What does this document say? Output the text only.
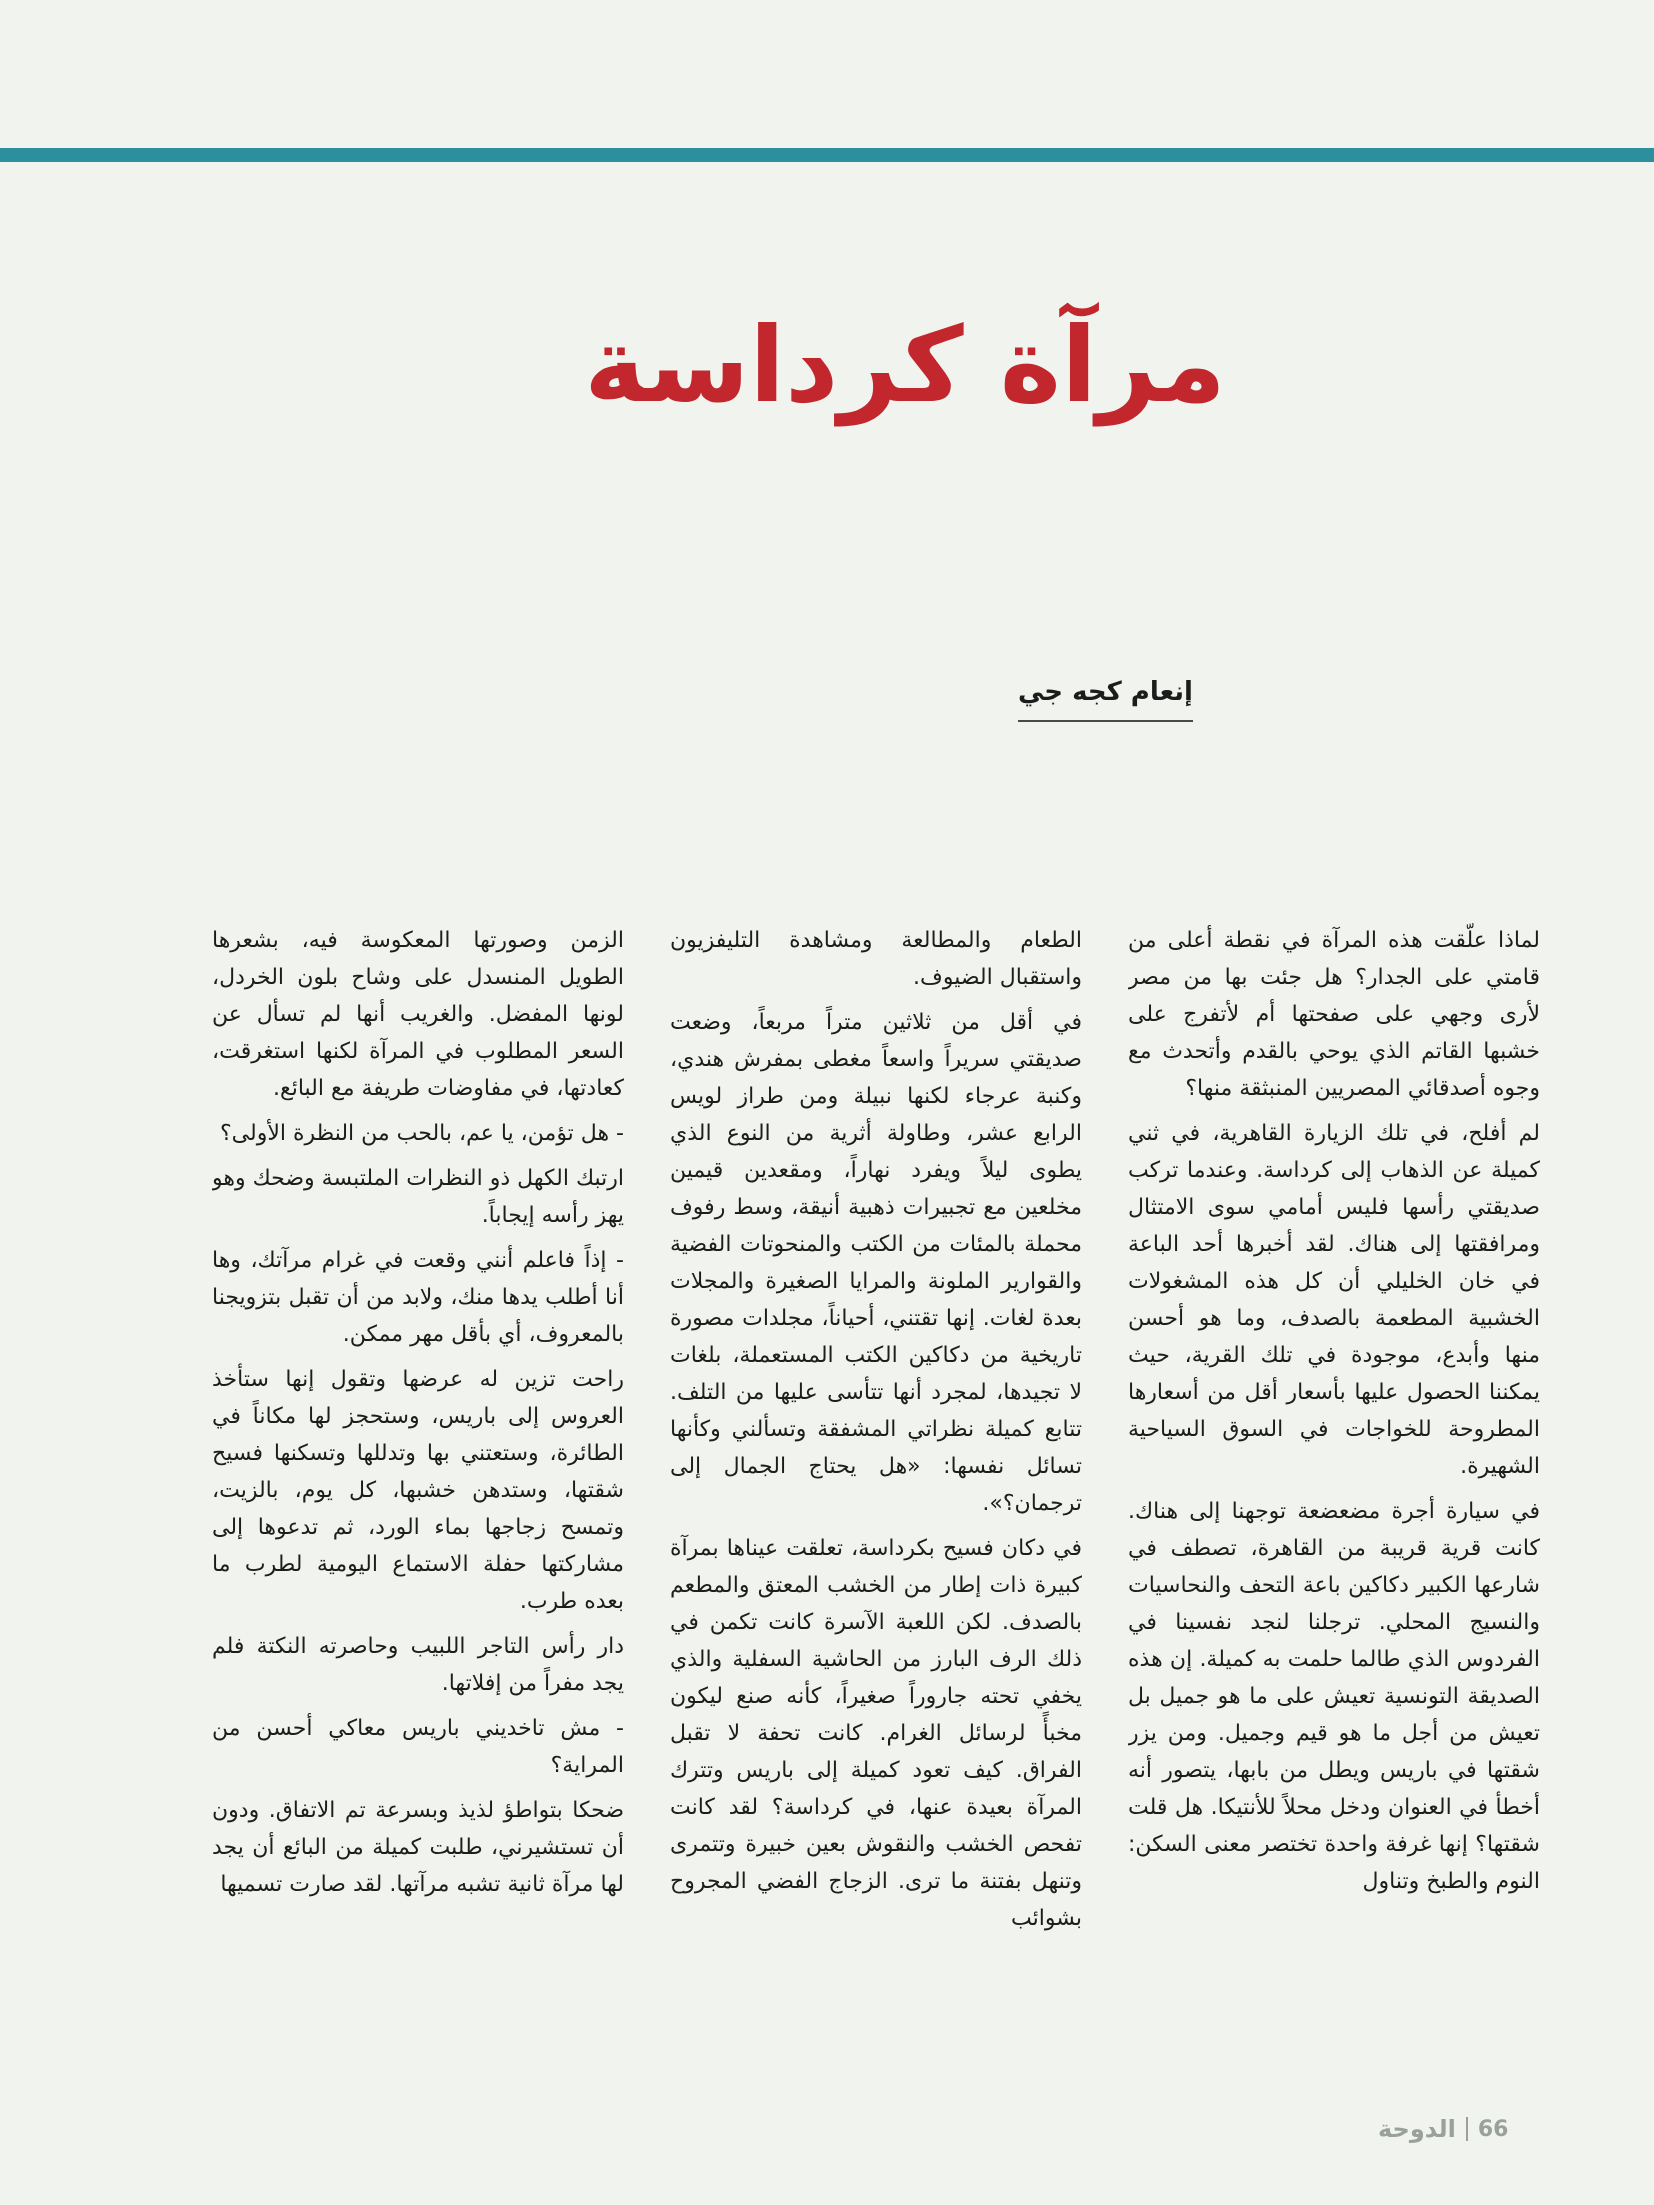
مرآة كرداسة
إنعام كجه جي

لماذا علّقت هذه المرآة في نقطة أعلى من قامتي على الجدار؟ هل جئت بها من مصر لأرى وجهي على صفحتها أم لأتفرج على خشبها القاتم الذي يوحي بالقدم وأتحدث مع وجوه أصدقائي المصريين المنبثقة منها؟

لم أفلح، في تلك الزيارة القاهرية، في ثني كميلة عن الذهاب إلى كرداسة. وعندما تركب صديقتي رأسها فليس أمامي سوى الامتثال ومرافقتها إلى هناك. لقد أخبرها أحد الباعة في خان الخليلي أن كل هذه المشغولات الخشبية المطعمة بالصدف، وما هو أحسن منها وأبدع، موجودة في تلك القرية، حيث يمكننا الحصول عليها بأسعار أقل من أسعارها المطروحة للخواجات في السوق السياحية الشهيرة.

في سيارة أجرة مضعضعة توجهنا إلى هناك. كانت قرية قريبة من القاهرة، تصطف في شارعها الكبير دكاكين باعة التحف والنحاسيات والنسيج المحلي. ترجلنا لنجد نفسينا في الفردوس الذي طالما حلمت به كميلة. إن هذه الصديقة التونسية تعيش على ما هو جميل بل تعيش من أجل ما هو قيم وجميل. ومن يزر شقتها في باريس ويطل من بابها، يتصور أنه أخطأ في العنوان ودخل محلاً للأنتيكا. هل قلت شقتها؟ إنها غرفة واحدة تختصر معنى السكن: النوم والطبخ وتناول

الطعام والمطالعة ومشاهدة التليفزيون واستقبال الضيوف.

في أقل من ثلاثين متراً مربعاً، وضعت صديقتي سريراً واسعاً مغطى بمفرش هندي، وكنبة عرجاء لكنها نبيلة ومن طراز لويس الرابع عشر، وطاولة أثرية من النوع الذي يطوى ليلاً ويفرد نهاراً، ومقعدين قيمين مخلعين مع تجبيرات ذهبية أنيقة، وسط رفوف محملة بالمئات من الكتب والمنحوتات الفضية والقوارير الملونة والمرايا الصغيرة والمجلات بعدة لغات. إنها تقتني، أحياناً، مجلدات مصورة تاريخية من دكاكين الكتب المستعملة، بلغات لا تجيدها، لمجرد أنها تتأسى عليها من التلف. تتابع كميلة نظراتي المشفقة وتسألني وكأنها تسائل نفسها: «هل يحتاج الجمال إلى ترجمان؟».

في دكان فسيح بكرداسة، تعلقت عيناها بمرآة كبيرة ذات إطار من الخشب المعتق والمطعم بالصدف. لكن اللعبة الآسرة كانت تكمن في ذلك الرف البارز من الحاشية السفلية والذي يخفي تحته جاروراً صغيراً، كأنه صنع ليكون مخبأً لرسائل الغرام. كانت تحفة لا تقبل الفراق. كيف تعود كميلة إلى باريس وتترك المرآة بعيدة عنها، في كرداسة؟ لقد كانت تفحص الخشب والنقوش بعين خبيرة وتتمرى وتنهل بفتنة ما ترى. الزجاج الفضي المجروح بشوائب

الزمن وصورتها المعكوسة فيه، بشعرها الطويل المنسدل على وشاح بلون الخردل، لونها المفضل. والغريب أنها لم تسأل عن السعر المطلوب في المرآة لكنها استغرقت، كعادتها، في مفاوضات طريفة مع البائع.

- هل تؤمن، يا عم، بالحب من النظرة الأولى؟

ارتبك الكهل ذو النظرات الملتبسة وضحك وهو يهز رأسه إيجاباً.

- إذاً فاعلم أنني وقعت في غرام مرآتك، وها أنا أطلب يدها منك، ولابد من أن تقبل بتزويجنا بالمعروف، أي بأقل مهر ممكن.

راحت تزين له عرضها وتقول إنها ستأخذ العروس إلى باريس، وستحجز لها مكاناً في الطائرة، وستعتني بها وتدللها وتسكنها فسيح شقتها، وستدهن خشبها، كل يوم، بالزيت، وتمسح زجاجها بماء الورد، ثم تدعوها إلى مشاركتها حفلة الاستماع اليومية لطرب ما بعده طرب.

دار رأس التاجر اللبيب وحاصرته النكتة فلم يجد مفراً من إفلاتها.

- مش تاخديني باريس معاكي أحسن من المراية؟

ضحكا بتواطؤ لذيذ وبسرعة تم الاتفاق. ودون أن تستشيرني، طلبت كميلة من البائع أن يجد لها مرآة ثانية تشبه مرآتها. لقد صارت تسميها

66
الدوحة
